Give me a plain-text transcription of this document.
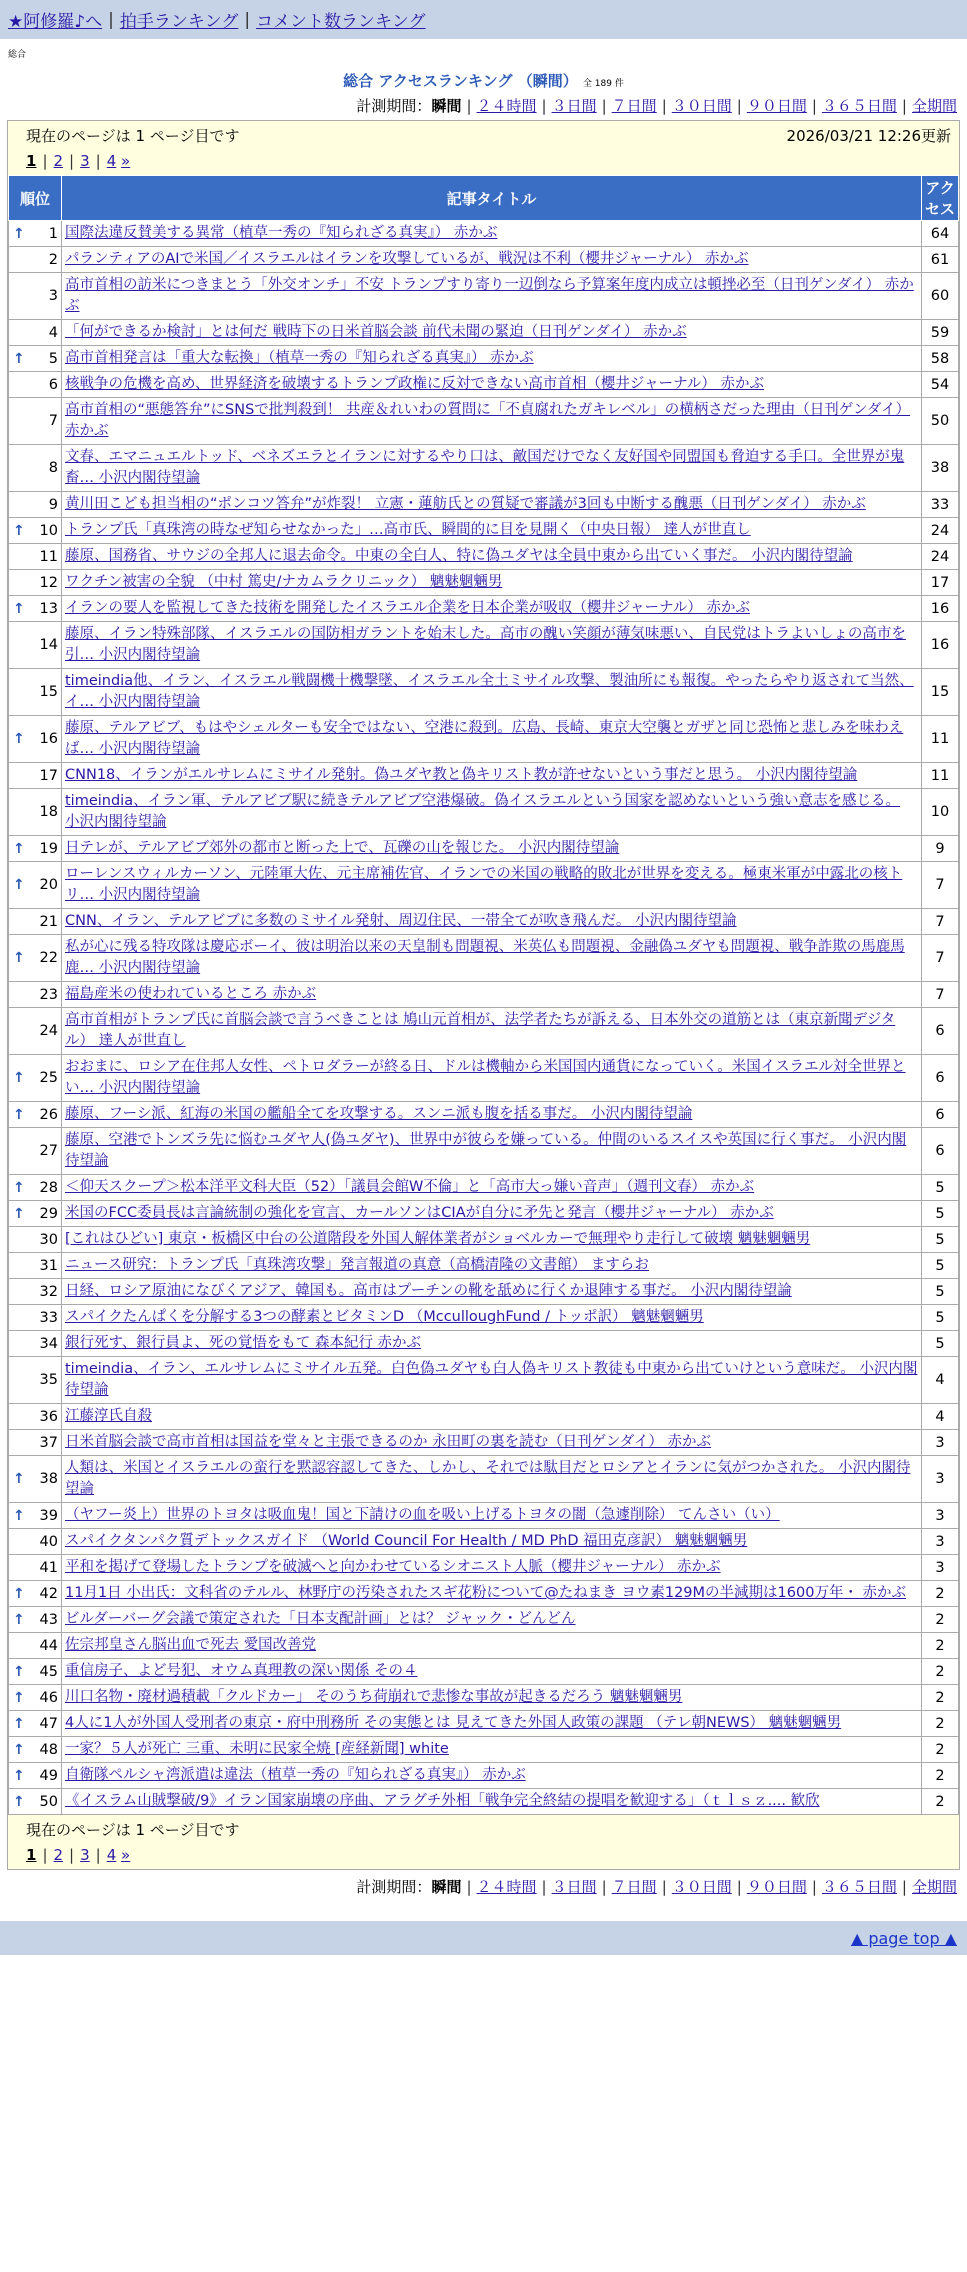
★阿修羅♪へ | 拍手ランキング | コメント数ランキング
総合
総合 アクセスランキング （瞬間） 全 189 件
計測期間：瞬間 | ２４時間 | ３日間 | ７日間 | ３０日間 | ９０日間 | ３６５日間 | 全期間
現在のページは 1 ページ目です	2026/03/21 12:26更新
1 | 2 | 3 | 4 »
順位	記事タイトル	アクセス

↑ 1	国際法違反賛美する異常（植草一秀の『知られざる真実』） 赤かぶ	64
2	パランティアのAIで米国／イスラエルはイランを攻撃しているが、戦況は不利（櫻井ジャーナル） 赤かぶ	61
3	高市首相の訪米につきまとう「外交オンチ」不安 トランプすり寄り一辺倒なら予算案年度内成立は頓挫必至（日刊ゲンダイ） 赤かぶ	60
4	「何ができるか検討」とは何だ 戦時下の日米首脳会談 前代未聞の緊迫（日刊ゲンダイ） 赤かぶ	59

↑ 5	高市首相発言は「重大な転換」（植草一秀の『知られざる真実』） 赤かぶ	58
6	核戦争の危機を高め、世界経済を破壊するトランプ政権に反対できない高市首相（櫻井ジャーナル） 赤かぶ	54
7	高市首相の“悪態答弁”にSNSで批判殺到！ 共産＆れいわの質問に「不貞腐れたガキレベル」の横柄さだった理由（日刊ゲンダイ） 赤かぶ	50
8	文春、エマニュエルトッド、ベネズエラとイランに対するやり口は、敵国だけでなく友好国や同盟国も脅迫する手口。全世界が鬼畜… 小沢内閣待望論	38
9	黄川田こども担当相の“ポンコツ答弁”が炸裂！ 立憲・蓮舫氏との質疑で審議が3回も中断する醜悪（日刊ゲンダイ） 赤かぶ	33

↑ 10	トランプ氏「真珠湾の時なぜ知らせなかった」…高市氏、瞬間的に目を見開く（中央日報） 達人が世直し	24
11	藤原、国務省、サウジの全邦人に退去命令。中東の全白人、特に偽ユダヤは全員中東から出ていく事だ。 小沢内閣待望論	24
12	ワクチン被害の全貌 （中村 篤史/ナカムラクリニック） 魑魅魍魎男	17

↑ 13	イランの要人を監視してきた技術を開発したイスラエル企業を日本企業が吸収（櫻井ジャーナル） 赤かぶ	16
14	藤原、イラン特殊部隊、イスラエルの国防相ガラントを始末した。高市の醜い笑顔が薄気味悪い、自民党はトラよいしょの高市を引… 小沢内閣待望論	16
15	timeindia他、イラン、イスラエル戦闘機十機撃墜、イスラエル全土ミサイル攻撃、製油所にも報復。やったらやり返されて当然、イ… 小沢内閣待望論	15

↑ 16	藤原、テルアビブ、もはやシェルターも安全ではない、空港に殺到。広島、長崎、東京大空襲とガザと同じ恐怖と悲しみを味わえば… 小沢内閣待望論	11
17	CNN18、イランがエルサレムにミサイル発射。偽ユダヤ教と偽キリスト教が許せないという事だと思う。 小沢内閣待望論	11
18	timeindia、イラン軍、テルアビブ駅に続きテルアビブ空港爆破。偽イスラエルという国家を認めないという強い意志を感じる。 小沢内閣待望論	10

↑ 19	日テレが、テルアビブ郊外の都市と断った上で、瓦礫の山を報じた。 小沢内閣待望論	9

↑ 20	ローレンスウィルカーソン、元陸軍大佐、元主席補佐官、イランでの米国の戦略的敗北が世界を変える。極東米軍が中露北の核トリ… 小沢内閣待望論	7
21	CNN、イラン、テルアビブに多数のミサイル発射、周辺住民、一帯全てが吹き飛んだ。 小沢内閣待望論	7

↑ 22	私が心に残る特攻隊は慶応ボーイ、彼は明治以来の天皇制も問題視、米英仏も問題視、金融偽ユダヤも問題視、戦争詐欺の馬鹿馬鹿… 小沢内閣待望論	7
23	福島産米の使われているところ 赤かぶ	7
24	高市首相がトランプ氏に首脳会談で言うべきことは 鳩山元首相が、法学者たちが訴える、日本外交の道筋とは（東京新聞デジタル） 達人が世直し	6

↑ 25	おおまに、ロシア在住邦人女性、ペトロダラーが終る日、ドルは機軸から米国国内通貨になっていく。米国イスラエル対全世界とい… 小沢内閣待望論	6

↑ 26	藤原、フーシ派、紅海の米国の艦船全てを攻撃する。スンニ派も腹を括る事だ。 小沢内閣待望論	6
27	藤原、空港でトンズラ先に悩むユダヤ人(偽ユダヤ)、世界中が彼らを嫌っている。仲間のいるスイスや英国に行く事だ。 小沢内閣待望論	6

↑ 28	＜仰天スクープ＞松本洋平文科大臣（52）「議員会館W不倫」と「高市大っ嫌い音声」（週刊文春） 赤かぶ	5

↑ 29	米国のFCC委員長は言論統制の強化を宣言、カールソンはCIAが自分に矛先と発言（櫻井ジャーナル） 赤かぶ	5
30	[これはひどい] 東京・板橋区中台の公道階段を外国人解体業者がショベルカーで無理やり走行して破壊 魑魅魍魎男	5
31	ニュース研究：トランプ氏「真珠湾攻撃」発言報道の真意（高橋清隆の文書館） ますらお	5
32	日経、ロシア原油になびくアジア、韓国も。高市はプーチンの靴を舐めに行くか退陣する事だ。 小沢内閣待望論	5
33	スパイクたんぱくを分解する3つの酵素とビタミンD （McculloughFund / トッポ訳） 魑魅魍魎男	5
34	銀行死す、銀行員よ、死の覚悟をもて 森本紀行 赤かぶ	5
35	timeindia、イラン、エルサレムにミサイル五発。白色偽ユダヤも白人偽キリスト教徒も中東から出ていけという意味だ。 小沢内閣待望論	4
36	江藤淳氏自殺	4
37	日米首脳会談で高市首相は国益を堂々と主張できるのか 永田町の裏を読む（日刊ゲンダイ） 赤かぶ	3

↑ 38	人類は、米国とイスラエルの蛮行を黙認容認してきた、しかし、それでは駄目だとロシアとイランに気がつかされた。 小沢内閣待望論	3

↑ 39	（ヤフー炎上）世界のトヨタは吸血鬼！国と下請けの血を吸い上げるトヨタの闇（急遽削除） てんさい（い）	3
40	スパイクタンパク質デトックスガイド （World Council For Health / MD PhD 福田克彦訳） 魑魅魍魎男	3
41	平和を掲げて登場したトランプを破滅へと向かわせているシオニスト人脈（櫻井ジャーナル） 赤かぶ	3

↑ 42	11月1日 小出氏：文科省のテルル、林野庁の汚染されたスギ花粉について@たねまき ヨウ素129Mの半減期は1600万年・ 赤かぶ	2

↑ 43	ビルダーバーグ会議で策定された「日本支配計画」とは？ ジャック・どんどん	2
44	佐宗邦皇さん脳出血で死去 愛国改善党	2

↑ 45	重信房子、よど号犯、オウム真理教の深い関係 その４	2

↑ 46	川口名物・廃材過積載「クルドカー」 そのうち荷崩れで悲惨な事故が起きるだろう 魑魅魍魎男	2

↑ 47	4人に1人が外国人受刑者の東京・府中刑務所 その実態とは 見えてきた外国人政策の課題 （テレ朝NEWS） 魑魅魍魎男	2

↑ 48	一家？５人が死亡 三重、未明に民家全焼 [産経新聞] white	2

↑ 49	自衛隊ペルシャ湾派遣は違法（植草一秀の『知られざる真実』） 赤かぶ	2

↑ 50	《イスラム山賊撃破/9》イラン国家崩壊の序曲、アラグチ外相「戦争完全終結の提唱を歓迎する」（ｔｌｓｚ.... 歓欣	2
現在のページは 1 ページ目です
1 | 2 | 3 | 4 »
計測期間：瞬間 | ２４時間 | ３日間 | ７日間 | ３０日間 | ９０日間 | ３６５日間 | 全期間
▲ page top ▲
